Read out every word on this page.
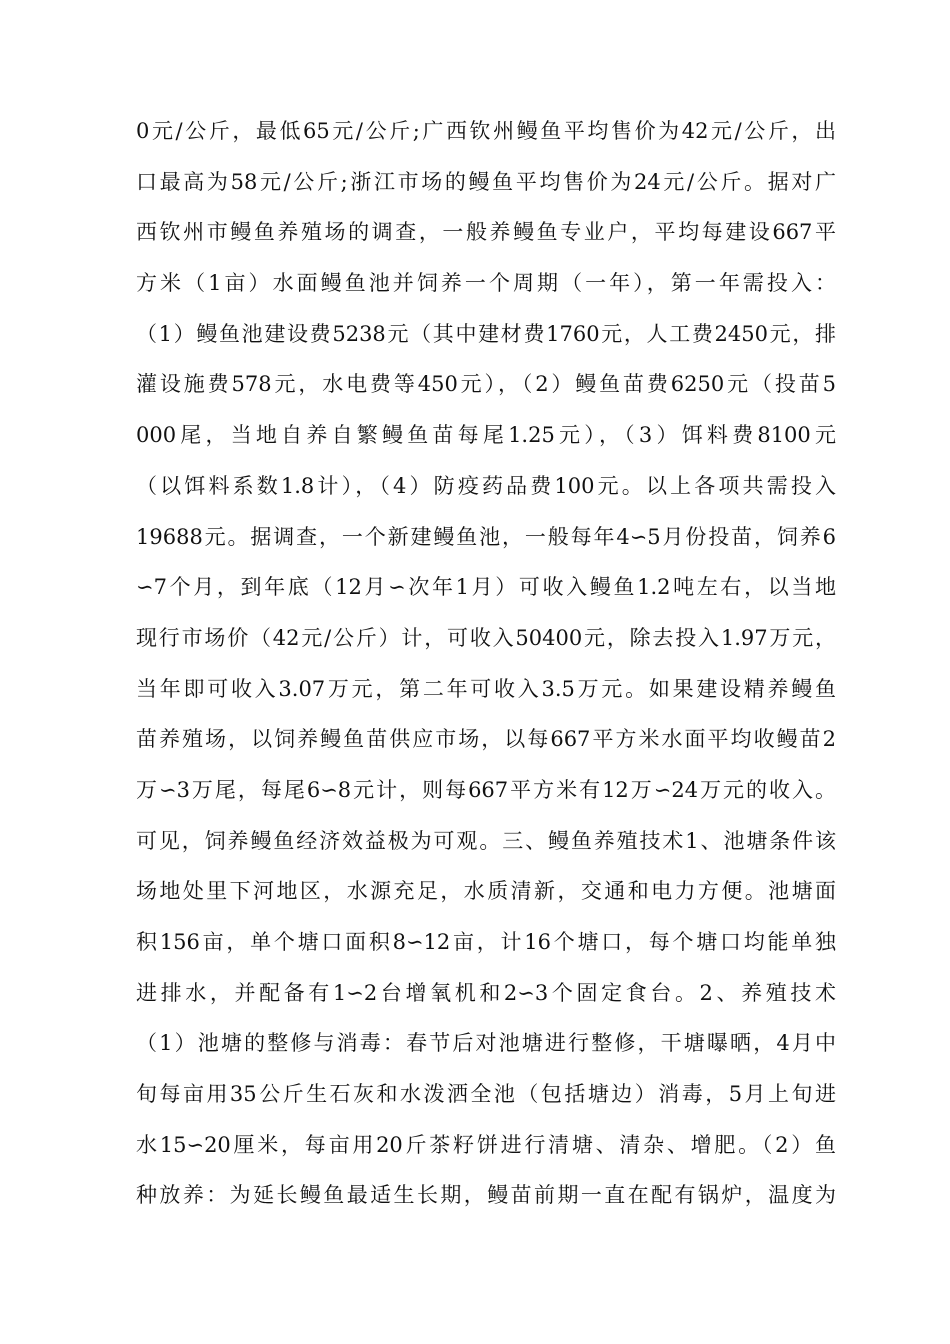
0元/公斤，最低65元/公斤;广西钦州鳗鱼平均售价为42元/公斤，出
口最高为58元/公斤;浙江市场的鳗鱼平均售价为24元/公斤。据对广
西钦州市鳗鱼养殖场的调查，一般养鳗鱼专业户，平均每建设667平
方米（1亩）水面鳗鱼池并饲养一个周期（一年），第一年需投入：
（1）鳗鱼池建设费5238元（其中建材费1760元，人工费2450元，排
灌设施费578元，水电费等450元），（2）鳗鱼苗费6250元（投苗5
000尾，当地自养自繁鳗鱼苗每尾1.25元），（3）饵料费8100元
（以饵料系数1.8计），（4）防疫药品费100元。以上各项共需投入
19688元。据调查，一个新建鳗鱼池，一般每年4∽5月份投苗，饲养6
∽7个月，到年底（12月∽次年1月）可收入鳗鱼1.2吨左右，以当地
现行市场价（42元/公斤）计，可收入50400元，除去投入1.97万元，
当年即可收入3.07万元，第二年可收入3.5万元。如果建设精养鳗鱼
苗养殖场，以饲养鳗鱼苗供应市场，以每667平方米水面平均收鳗苗2
万∽3万尾，每尾6∽8元计，则每667平方米有12万∽24万元的收入。
可见，饲养鳗鱼经济效益极为可观。三、鳗鱼养殖技术1、池塘条件该
场地处里下河地区，水源充足，水质清新，交通和电力方便。池塘面
积156亩，单个塘口面积8∽12亩，计16个塘口，每个塘口均能单独
进排水，并配备有1∽2台增氧机和2∽3个固定食台。2、养殖技术
（1）池塘的整修与消毒：春节后对池塘进行整修，干塘曝晒，4月中
旬每亩用35公斤生石灰和水泼洒全池（包括塘边）消毒，5月上旬进
水15∽20厘米，每亩用20斤茶籽饼进行清塘、清杂、增肥。（2）鱼
种放养：为延长鳗鱼最适生长期，鳗苗前期一直在配有锅炉，温度为
